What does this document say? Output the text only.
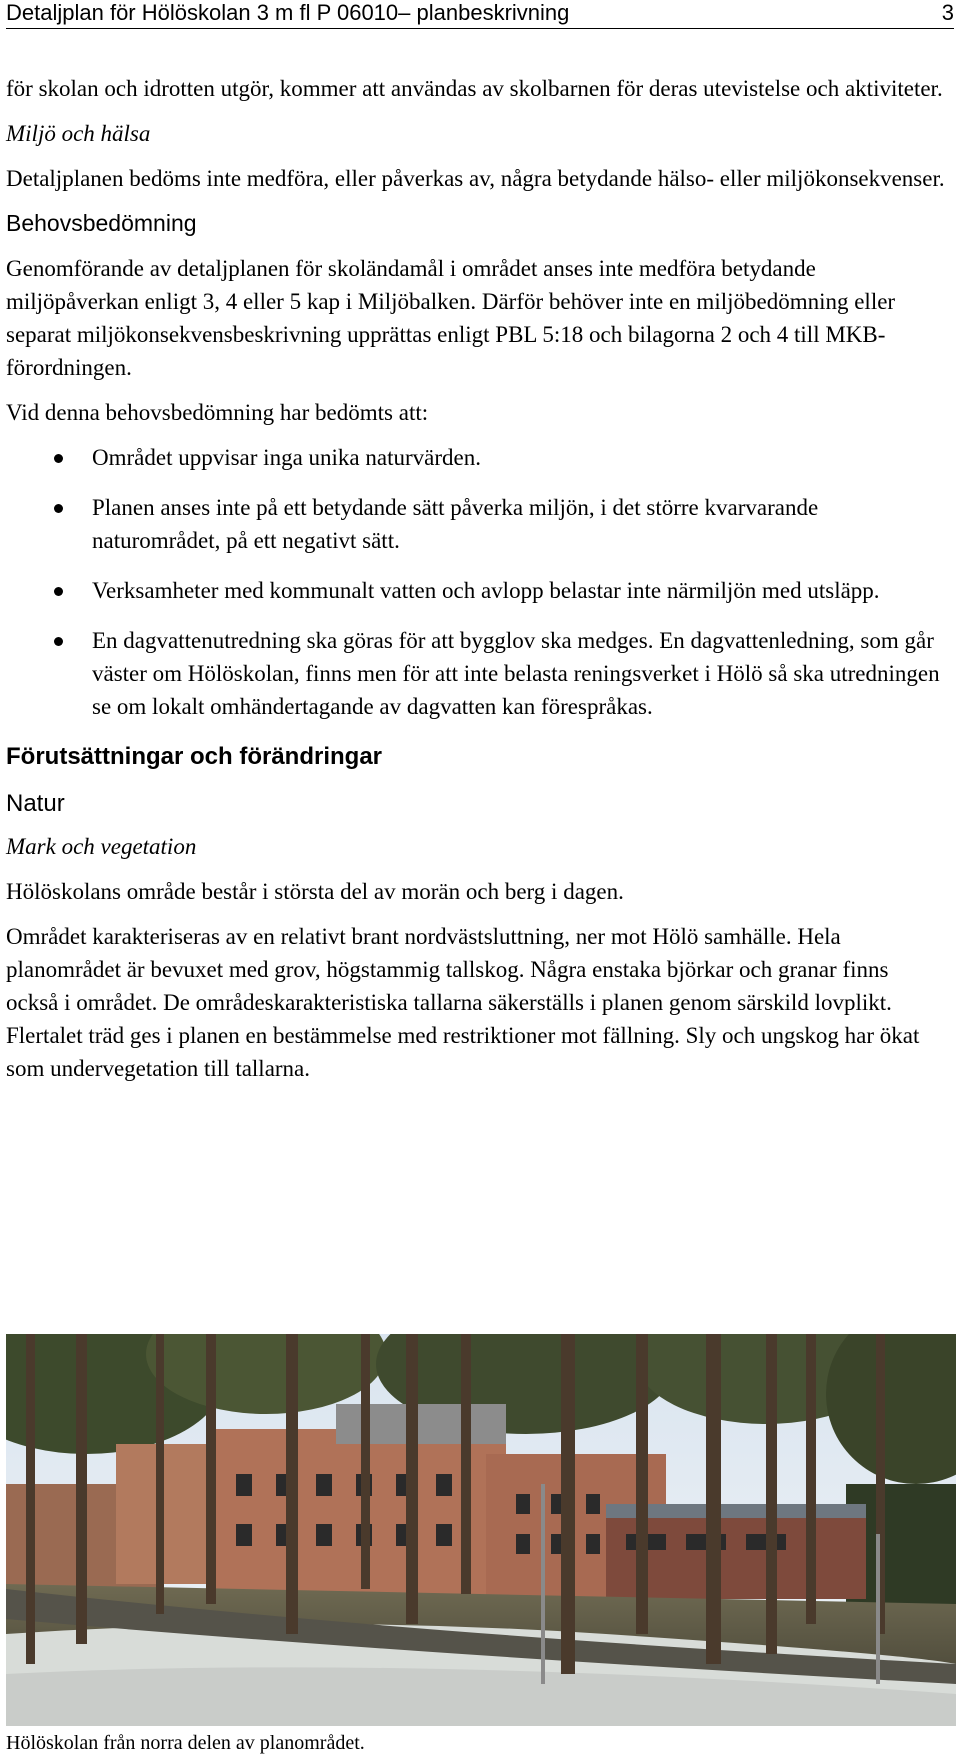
Detaljplan för Hölöskolan 3 m fl P 06010– planbeskrivning	3

för skolan och idrotten utgör, kommer att användas av skolbarnen för deras utevistelse och aktiviteter.

Miljö och hälsa

Detaljplanen bedöms inte medföra, eller påverkas av, några betydande hälso- eller miljökonsekvenser.

Behovsbedömning

Genomförande av detaljplanen för skoländamål i området anses inte medföra betydande miljöpåverkan enligt 3, 4 eller 5 kap i Miljöbalken. Därför behöver inte en miljöbedömning eller separat miljökonsekvensbeskrivning upprättas enligt PBL 5:18 och bilagorna 2 och 4 till MKB-förordningen.

Vid denna behovsbedömning har bedömts att:

Området uppvisar inga unika naturvärden.
Planen anses inte på ett betydande sätt påverka miljön, i det större kvarvarande naturområdet, på ett negativt sätt.
Verksamheter med kommunalt vatten och avlopp belastar inte närmiljön med utsläpp.
En dagvattenutredning ska göras för att bygglov ska medges. En dagvattenledning, som går väster om Hölöskolan, finns men för att inte belasta reningsverket i Hölö så ska utredningen se om lokalt omhändertagande av dagvatten kan förespråkas.
Förutsättningar och förändringar
Natur
Mark och vegetation

Hölöskolans område består i största del av morän och berg i dagen.

Området karakteriseras av en relativt brant nordvästsluttning, ner mot Hölö samhälle. Hela planområdet är bevuxet med grov, högstammig tallskog. Några enstaka björkar och granar finns också i området. De områdeskarakteristiska tallarna säkerställs i planen genom särskild lovplikt. Flertalet träd ges i planen en bestämmelse med restriktioner mot fällning. Sly och ungskog har ökat som undervegetation till tallarna.

Hölöskolan från norra delen av planområdet.
